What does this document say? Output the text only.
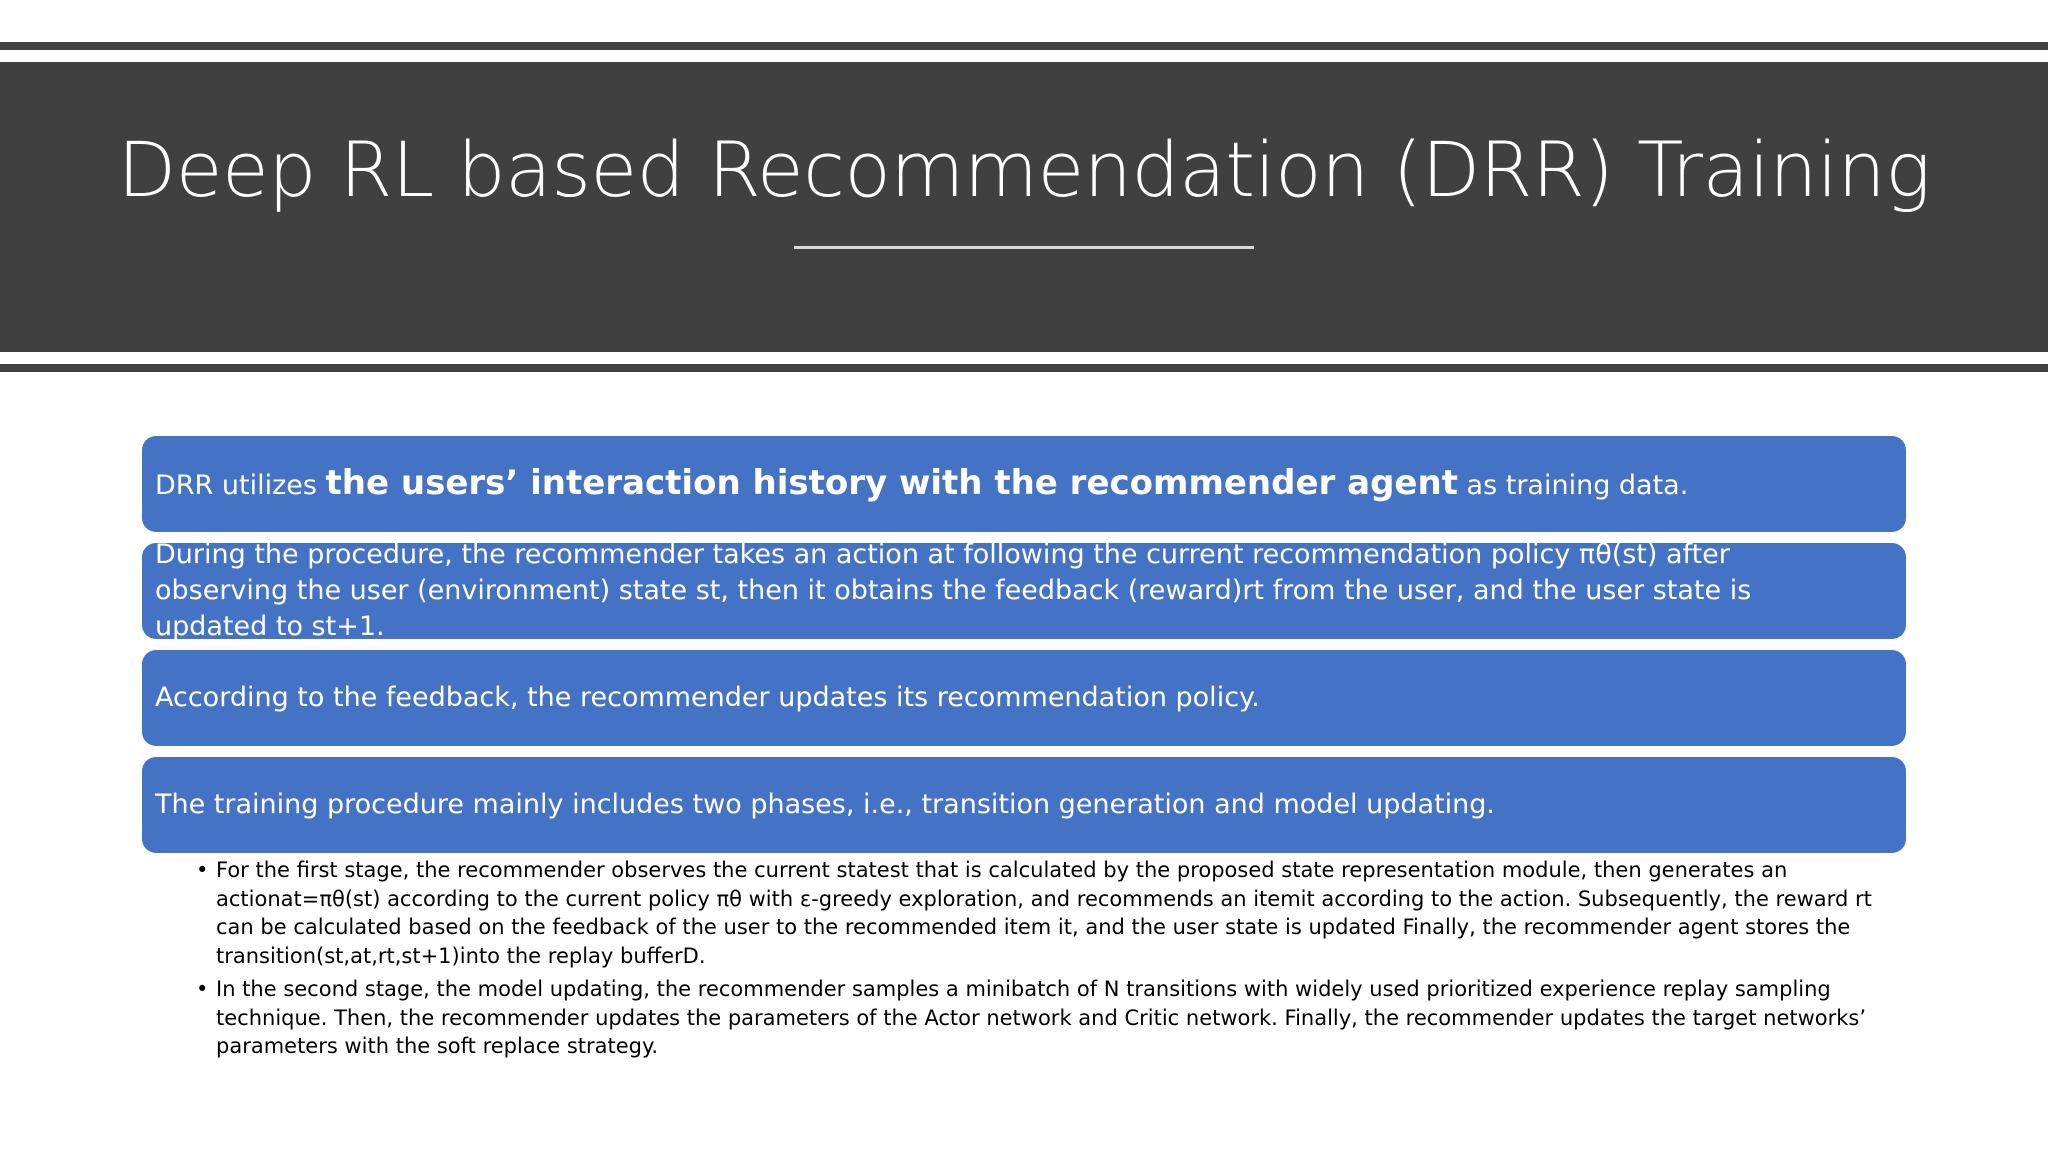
Deep RL based Recommendation (DRR) Training
DRR utilizes the users’ interaction history with the recommender agent as training data.
During the procedure, the recommender takes an action at following the current recommendation policy πθ(st) after observing the user (environment) state st, then it obtains the feedback (reward)rt from the user, and the user state is updated to st+1.
According to the feedback, the recommender updates its recommendation policy.
The training procedure mainly includes two phases, i.e., transition generation and model updating.
• For the first stage, the recommender observes the current statest that is calculated by the proposed state representation module, then generates an actionat=πθ(st) according to the current policy πθ with ε-greedy exploration, and recommends an itemit according to the action. Subsequently, the reward rt can be calculated based on the feedback of the user to the recommended item it, and the user state is updated Finally, the recommender agent stores the transition(st,at,rt,st+1)into the replay bufferD.
• In the second stage, the model updating, the recommender samples a minibatch of N transitions with widely used prioritized experience replay sampling technique. Then, the recommender updates the parameters of the Actor network and Critic network. Finally, the recommender updates the target networks’ parameters with the soft replace strategy.
